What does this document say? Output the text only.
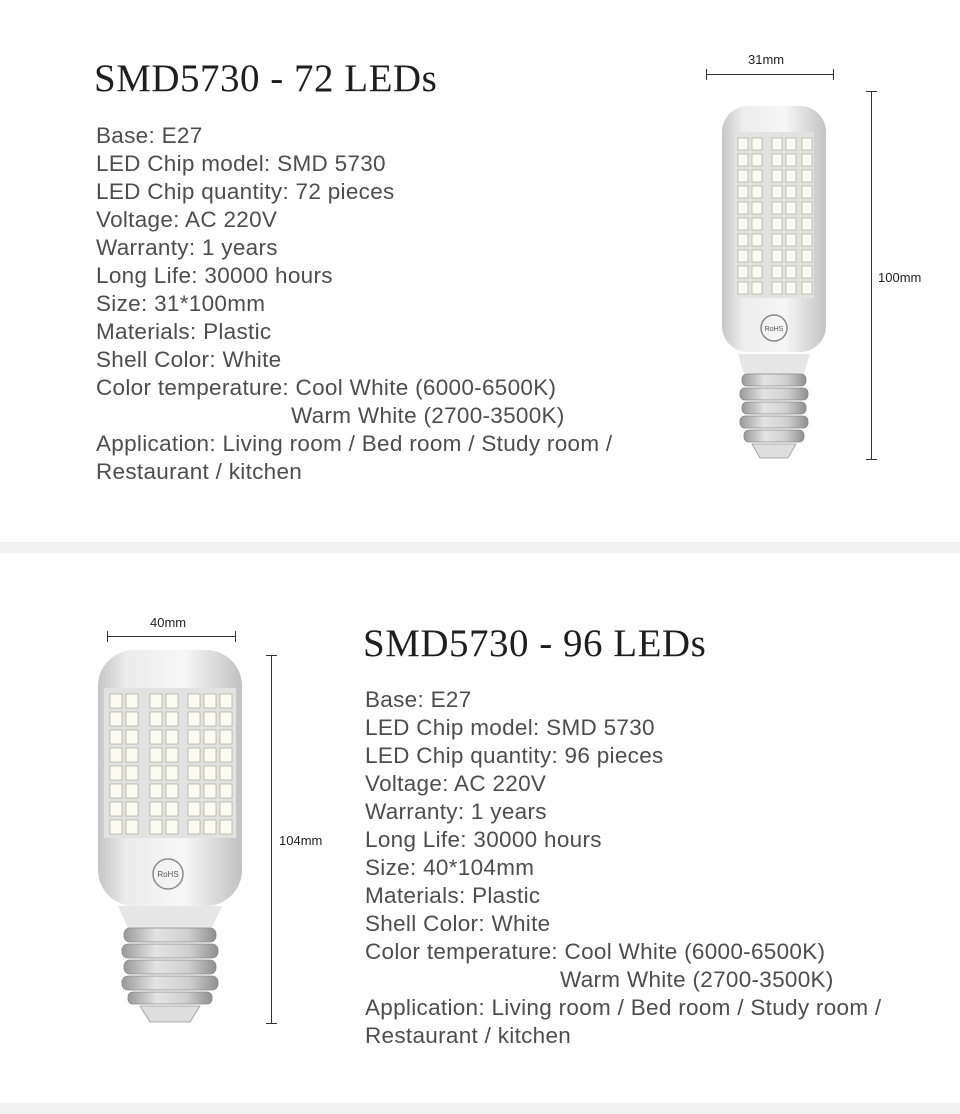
SMD5730 - 72 LEDs
Base: E27
LED Chip model: SMD 5730
LED Chip quantity: 72 pieces
Voltage: AC 220V
Warranty: 1 years
Long Life: 30000 hours
Size: 31*100mm
Materials: Plastic
Shell Color: White
Color temperature: Cool White (6000-6500K)
Warm White (2700-3500K)
Application: Living room / Bed room / Study room /
Restaurant / kitchen
31mm
100mm
RoHS
40mm
104mm
RoHS
SMD5730 - 96 LEDs
Base: E27
LED Chip model: SMD 5730
LED Chip quantity: 96 pieces
Voltage: AC 220V
Warranty: 1 years
Long Life: 30000 hours
Size: 40*104mm
Materials: Plastic
Shell Color: White
Color temperature: Cool White (6000-6500K)
Warm White (2700-3500K)
Application: Living room / Bed room / Study room /
Restaurant / kitchen
